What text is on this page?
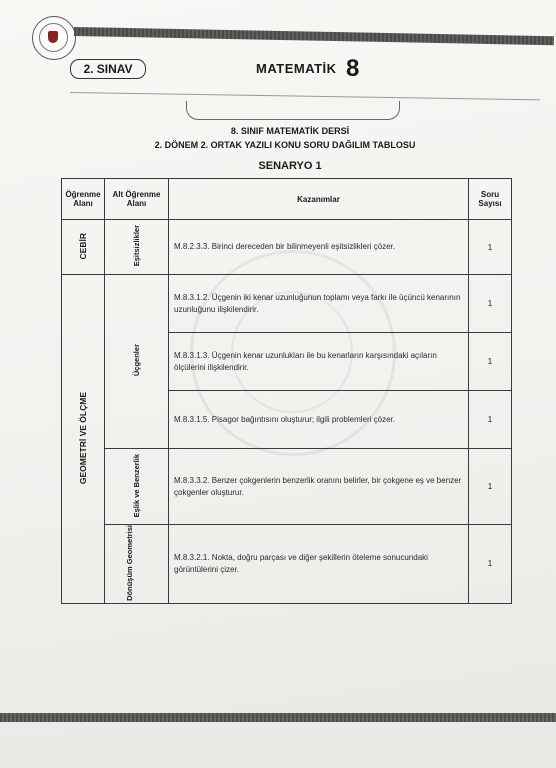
2. SINAV	MATEMATİK 8
8. SINIF MATEMATİK DERSİ
2. DÖNEM 2. ORTAK YAZILI KONU SORU DAĞILIM TABLOSU
SENARYO 1
Öğrenme Alanı	Alt Öğrenme Alanı	Kazanımlar	Soru Sayısı
CEBİR	Eşitsizlikler	M.8.2.3.3. Birinci dereceden bir bilinmeyenli eşitsizlikleri çözer.	1
GEOMETRİ VE ÖLÇME	Üçgenler	M.8.3.1.2. Üçgenin iki kenar uzunluğunun toplamı veya farkı ile üçüncü kenarının uzunluğunu ilişkilendirir.	1
		M.8.3.1.3. Üçgenin kenar uzunlukları ile bu kenarların karşısındaki açıların ölçülerini ilişkilendirir.	1
		M.8.3.1.5. Pisagor bağıntısını oluşturur; ilgili problemleri çözer.	1
	Eşlik ve Benzerlik	M.8.3.3.2. Benzer çokgenlerin benzerlik oranını belirler, bir çokgene eş ve benzer çokgenler oluşturur.	1
	Dönüşüm Geometrisi	M.8.3.2.1. Nokta, doğru parçası ve diğer şekillerin öteleme sonucundaki görüntülerini çizer.	1
